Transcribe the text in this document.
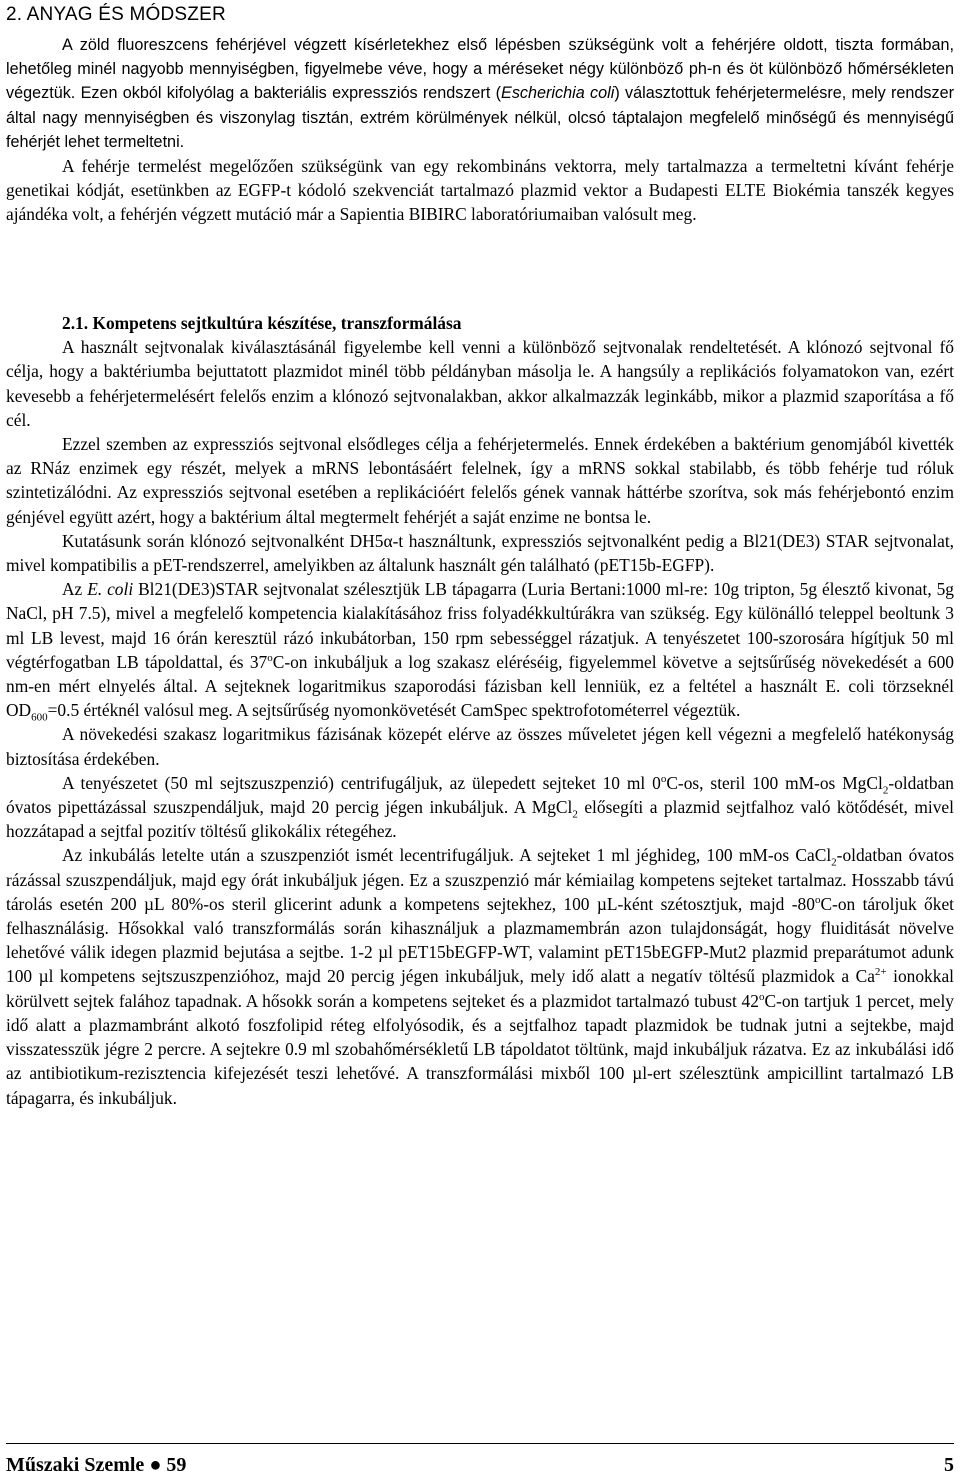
2. ANYAG ÉS MÓDSZER

A zöld fluoreszcens fehérjével végzett kísérletekhez első lépésben szükségünk volt a fehérjére oldott, tiszta formában, lehetőleg minél nagyobb mennyiségben, figyelmebe véve, hogy a méréseket négy különböző ph-n és öt különböző hőmérsékleten végeztük. Ezen okból kifolyólag a bakteriális expressziós rendszert (Escherichia coli) választottuk fehérjetermelésre, mely rendszer által nagy mennyiségben és viszonylag tisztán, extrém körülmények nélkül, olcsó táptalajon megfelelő minőségű és mennyiségű fehérjét lehet termeltetni.

A fehérje termelést megelőzően szükségünk van egy rekombináns vektorra, mely tartalmazza a termeltetni kívánt fehérje genetikai kódját, esetünkben az EGFP-t kódoló szekvenciát tartalmazó plazmid vektor a Budapesti ELTE Biokémia tanszék kegyes ajándéka volt, a fehérjén végzett mutáció már a Sapientia BIBIRC laboratóriumaiban valósult meg.

2.1. Kompetens sejtkultúra készítése, transzformálása

A használt sejtvonalak kiválasztásánál figyelembe kell venni a különböző sejtvonalak rendeltetését. A klónozó sejtvonal fő célja, hogy a baktériumba bejuttatott plazmidot minél több példányban másolja le. A hangsúly a replikációs folyamatokon van, ezért kevesebb a fehérjetermelésért felelős enzim a klónozó sejtvonalakban, akkor alkalmazzák leginkább, mikor a plazmid szaporítása a fő cél.

Ezzel szemben az expressziós sejtvonal elsődleges célja a fehérjetermelés. Ennek érdekében a baktérium genomjából kivették az RNáz enzimek egy részét, melyek a mRNS lebontásáért felelnek, így a mRNS sokkal stabilabb, és több fehérje tud róluk szintetizálódni. Az expressziós sejtvonal esetében a replikációért felelős gének vannak háttérbe szorítva, sok más fehérjebontó enzim génjével együtt azért, hogy a baktérium által megtermelt fehérjét a saját enzime ne bontsa le.

Kutatásunk során klónozó sejtvonalként DH5α-t használtunk, expressziós sejtvonalként pedig a Bl21(DE3) STAR sejtvonalat, mivel kompatibilis a pET-rendszerrel, amelyikben az általunk használt gén található (pET15b-EGFP).

Az E. coli Bl21(DE3)STAR sejtvonalat szélesztjük LB tápagarra (Luria Bertani:1000 ml-re: 10g tripton, 5g élesztő kivonat, 5g NaCl, pH 7.5), mivel a megfelelő kompetencia kialakításához friss folyadékkultúrákra van szükség. Egy különálló teleppel beoltunk 3 ml LB levest, majd 16 órán keresztül rázó inkubátorban, 150 rpm sebességgel rázatjuk. A tenyészetet 100-szorosára hígítjuk 50 ml végtérfogatban LB tápoldattal, és 37$^o$C-on inkubáljuk a log szakasz eléréséig, figyelemmel követve a sejtsűrűség növekedését a 600 nm-en mért elnyelés által. A sejteknek logaritmikus szaporodási fázisban kell lenniük, ez a feltétel a használt E. coli törzseknél $OD_{600}=0.5$ értéknél valósul meg. A sejtsűrűség nyomonkövetését CamSpec spektrofotométerrel végeztük.

A növekedési szakasz logaritmikus fázisának közepét elérve az összes műveletet jégen kell végezni a megfelelő hatékonyság biztosítása érdekében.

A tenyészetet (50 ml sejtszuszpenzió) centrifugáljuk, az ülepedett sejteket 10 ml 0$^o$C-os, steril 100 mM-os MgCl$_2$-oldatban óvatos pipettázással szuszpendáljuk, majd 20 percig jégen inkubáljuk. A MgCl$_2$ elősegíti a plazmid sejtfalhoz való kötődését, mivel hozzátapad a sejtfal pozitív töltésű glikokálix rétegéhez.

Az inkubálás letelte után a szuszpenziót ismét lecentrifugáljuk. A sejteket 1 ml jéghideg, 100 mM-os CaCl$_2$-oldatban óvatos rázással szuszpendáljuk, majd egy órát inkubáljuk jégen. Ez a szuszpenzió már kémiailag kompetens sejteket tartalmaz. Hosszabb távú tárolás esetén 200 µL 80%-os steril glicerint adunk a kompetens sejtekhez, 100 µL-ként szétosztjuk, majd -80$^o$C-on tároljuk őket felhasználásig. Hősokkal való transzformálás során kihasználjuk a plazmamembrán azon tulajdonságát, hogy fluiditását növelve lehetővé válik idegen plazmid bejutása a sejtbe. 1-2 µl pET15bEGFP-WT, valamint pET15bEGFP-Mut2 plazmid preparátumot adunk 100 µl kompetens sejtszuszpenzióhoz, majd 20 percig jégen inkubáljuk, mely idő alatt a negatív töltésű plazmidok a $Ca^{2+}$ ionokkal körülvett sejtek falához tapadnak. A hősokk során a kompetens sejteket és a plazmidot tartalmazó tubust 42$^o$C-on tartjuk 1 percet, mely idő alatt a plazmambránt alkotó foszfolipid réteg elfolyósodik, és a sejtfalhoz tapadt plazmidok be tudnak jutni a sejtekbe, majd visszatesszük jégre 2 percre. A sejtekre 0.9 ml szobahőmérsékletű LB tápoldatot töltünk, majd inkubáljuk rázatva. Ez az inkubálási idő az antibiotikum-rezisztencia kifejezését teszi lehetővé. A transzformálási mixből 100 µl-ert szélesztünk ampicillint tartalmazó LB tápagarra, és inkubáljuk.

Műszaki Szemle ● 59	5
